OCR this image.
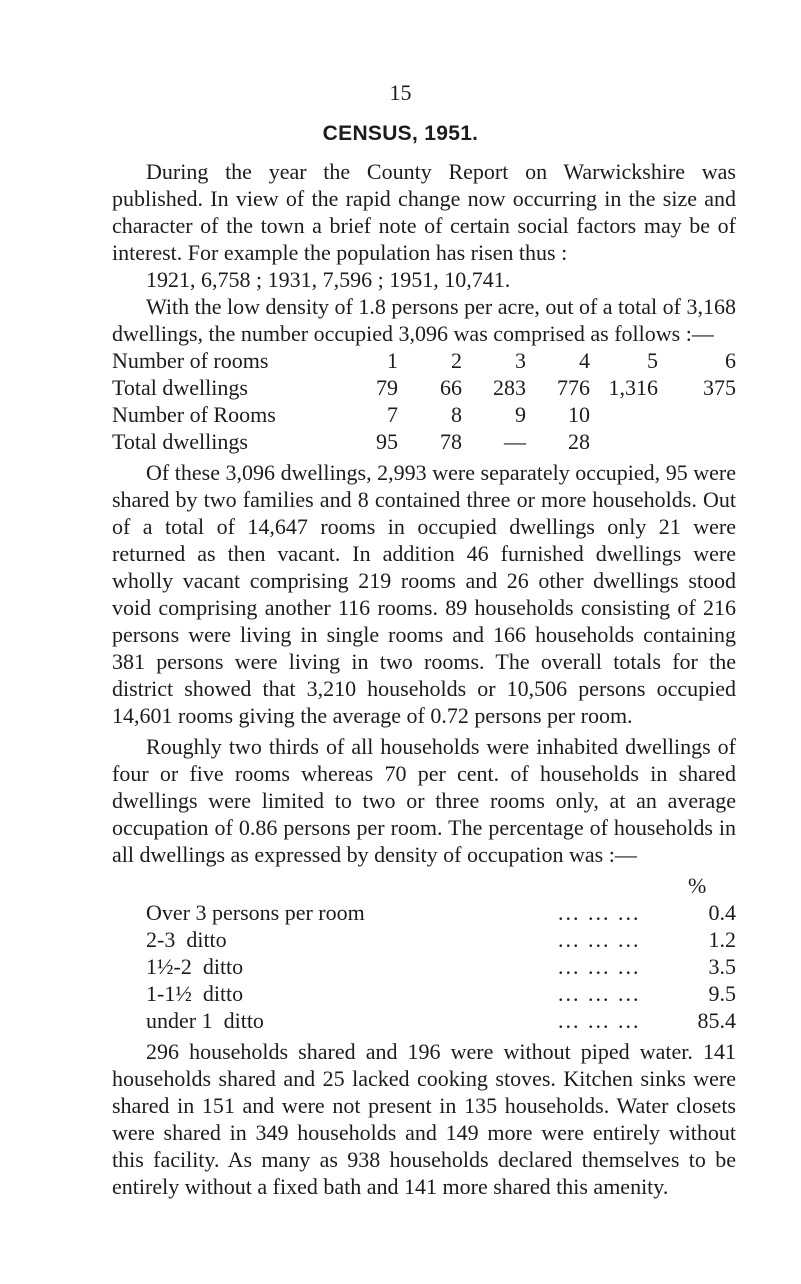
15
CENSUS, 1951.

During the year the County Report on Warwickshire was published. In view of the rapid change now occurring in the size and character of the town a brief note of certain social factors may be of interest. For example the population has risen thus :

1921, 6,758 ; 1931, 7,596 ; 1951, 10,741.

With the low density of 1.8 persons per acre, out of a total of 3,168 dwellings, the number occupied 3,096 was comprised as follows :—

Number of rooms	1	2	3	4	5	6
Total dwellings	79	66	283	776	1,316	375
Number of Rooms	7	8	9	10		
Total dwellings	95	78	—	28		

Of these 3,096 dwellings, 2,993 were separately occupied, 95 were shared by two families and 8 contained three or more households. Out of a total of 14,647 rooms in occupied dwellings only 21 were returned as then vacant. In addition 46 furnished dwellings were wholly vacant comprising 219 rooms and 26 other dwellings stood void comprising another 116 rooms. 89 households consisting of 216 persons were living in single rooms and 166 households containing 381 persons were living in two rooms. The overall totals for the district showed that 3,210 households or 10,506 persons occupied 14,601 rooms giving the average of 0.72 persons per room.

Roughly two thirds of all households were inhabited dwellings of four or five rooms whereas 70 per cent. of households in shared dwellings were limited to two or three rooms only, at an average occupation of 0.86 persons per room. The percentage of households in all dwellings as expressed by density of occupation was :—

%
Over 3 persons per room	... ... ...	0.4
2-3  ditto	... ... ...	1.2
1½-2  ditto	... ... ...	3.5
1-1½  ditto	... ... ...	9.5
under 1  ditto	... ... ...	85.4

296 households shared and 196 were without piped water. 141 households shared and 25 lacked cooking stoves. Kitchen sinks were shared in 151 and were not present in 135 households. Water closets were shared in 349 households and 149 more were entirely without this facility. As many as 938 households declared themselves to be entirely without a fixed bath and 141 more shared this amenity.
